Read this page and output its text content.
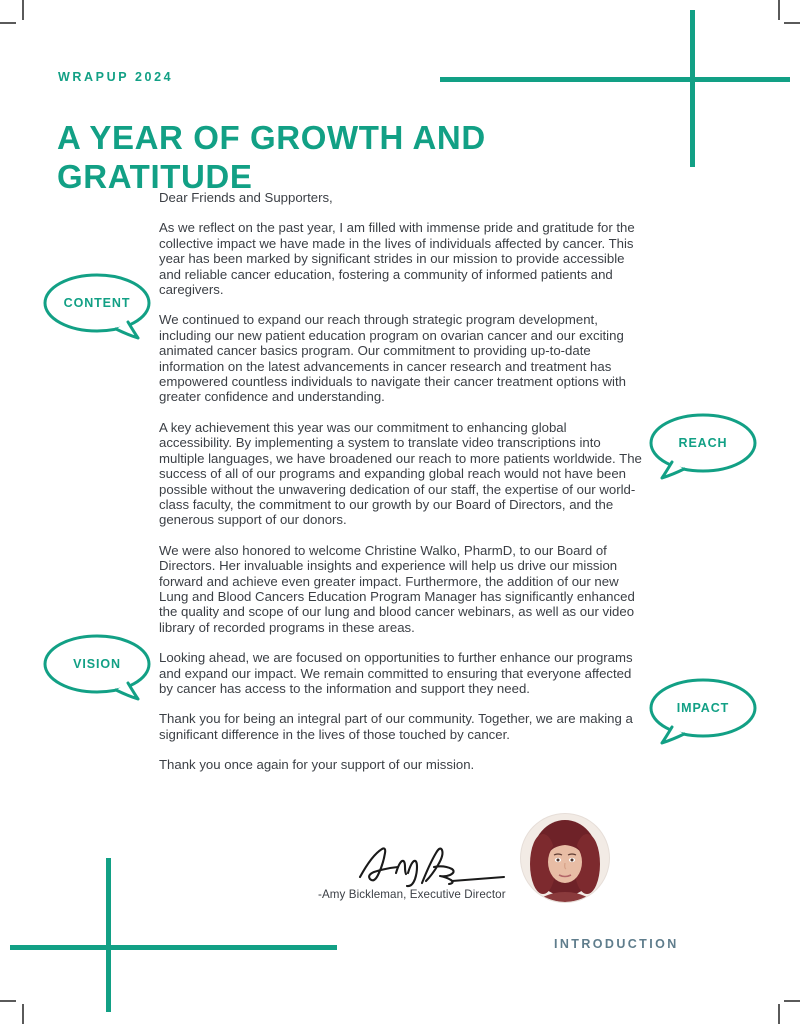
WRAPUP 2024
A YEAR OF GROWTH AND GRATITUDE

Dear Friends and Supporters,

As we reflect on the past year, I am filled with immense pride and gratitude for the collective impact we have made in the lives of individuals affected by cancer. This year has been marked by significant strides in our mission to provide accessible and reliable cancer education, fostering a community of informed patients and caregivers.

We continued to expand our reach through strategic program development, including our new patient education program on ovarian cancer and our exciting animated cancer basics program. Our commitment to providing up-to-date information on the latest advancements in cancer research and treatment has empowered countless individuals to navigate their cancer treatment options with greater confidence and understanding.

A key achievement this year was our commitment to enhancing global accessibility. By implementing a system to translate video transcriptions into multiple languages, we have broadened our reach to more patients worldwide. The success of all of our programs and expanding global reach would not have been possible without the unwavering dedication of our staff, the expertise of our world-class faculty, the commitment to our growth by our Board of Directors, and the generous support of our donors.

We were also honored to welcome Christine Walko, PharmD, to our Board of Directors. Her invaluable insights and experience will help us drive our mission forward and achieve even greater impact. Furthermore, the addition of our new Lung and Blood Cancers Education Program Manager has significantly enhanced the quality and scope of our lung and blood cancer webinars, as well as our video library of recorded programs in these areas.

Looking ahead, we are focused on opportunities to further enhance our programs and expand our impact. We remain committed to ensuring that everyone affected by cancer has access to the information and support they need.

Thank you for being an integral part of our community. Together, we are making a significant difference in the lives of those touched by cancer.

Thank you once again for your support of our mission.

CONTENT
REACH
VISION
IMPACT
-Amy Bickleman, Executive Director
INTRODUCTION
